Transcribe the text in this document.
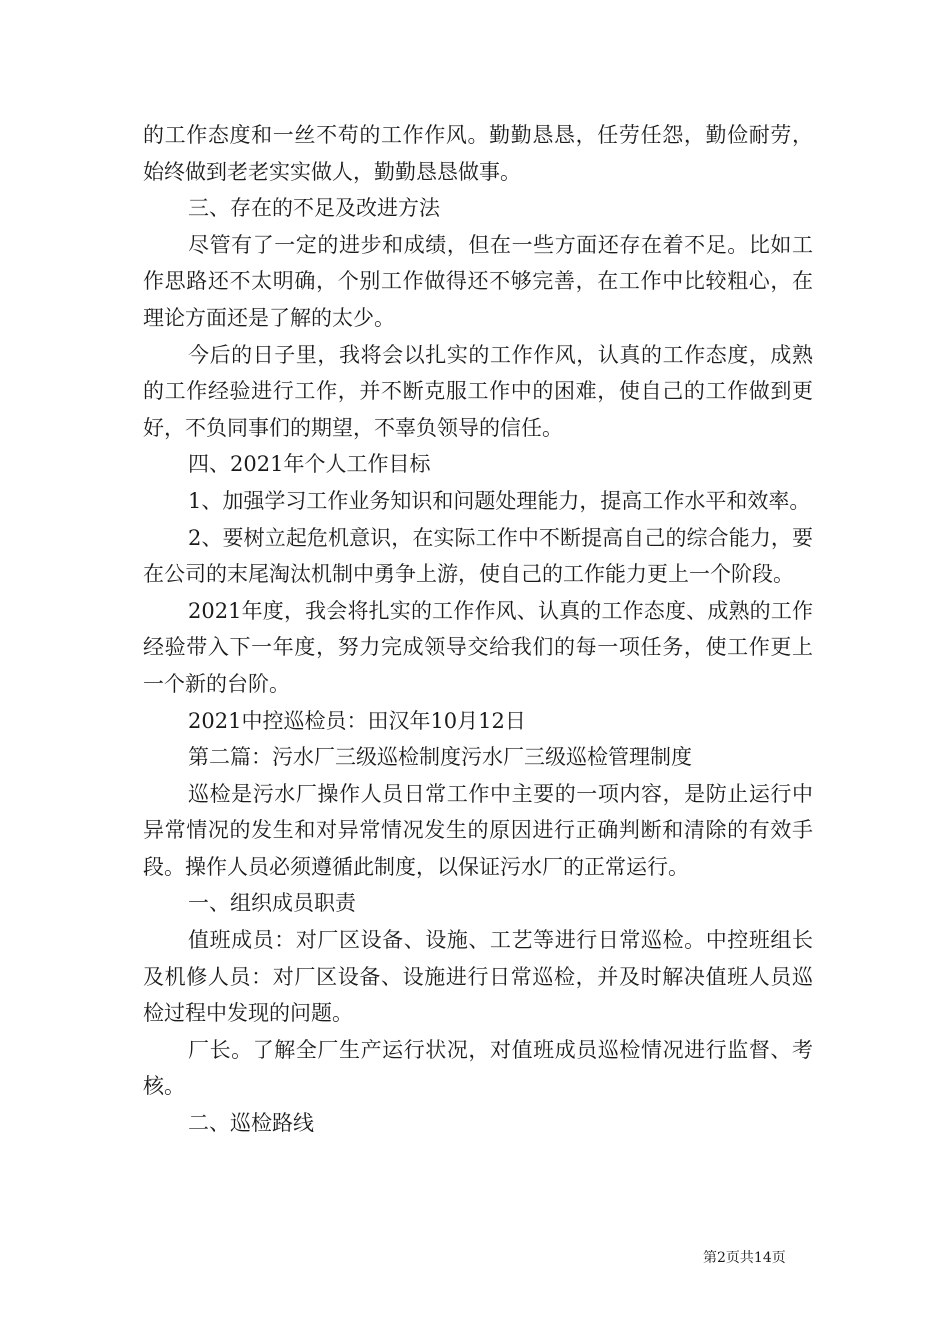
的工作态度和一丝不苟的工作作风。勤勤恳恳，任劳任怨，勤俭耐劳，始终做到老老实实做人，勤勤恳恳做事。

三、存在的不足及改进方法

尽管有了一定的进步和成绩，但在一些方面还存在着不足。比如工作思路还不太明确，个别工作做得还不够完善，在工作中比较粗心，在理论方面还是了解的太少。

今后的日子里，我将会以扎实的工作作风，认真的工作态度，成熟的工作经验进行工作，并不断克服工作中的困难，使自己的工作做到更好，不负同事们的期望，不辜负领导的信任。

四、2021年个人工作目标

1、加强学习工作业务知识和问题处理能力，提高工作水平和效率。

2、要树立起危机意识，在实际工作中不断提高自己的综合能力，要在公司的末尾淘汰机制中勇争上游，使自己的工作能力更上一个阶段。

2021年度，我会将扎实的工作作风、认真的工作态度、成熟的工作经验带入下一年度，努力完成领导交给我们的每一项任务，使工作更上一个新的台阶。

2021中控巡检员：田汉年10月12日

第二篇：污水厂三级巡检制度污水厂三级巡检管理制度

巡检是污水厂操作人员日常工作中主要的一项内容，是防止运行中异常情况的发生和对异常情况发生的原因进行正确判断和清除的有效手段。操作人员必须遵循此制度，以保证污水厂的正常运行。

一、组织成员职责

值班成员：对厂区设备、设施、工艺等进行日常巡检。中控班组长及机修人员：对厂区设备、设施进行日常巡检，并及时解决值班人员巡检过程中发现的问题。

厂长。了解全厂生产运行状况，对值班成员巡检情况进行监督、考核。

二、巡检路线

第2页共14页
